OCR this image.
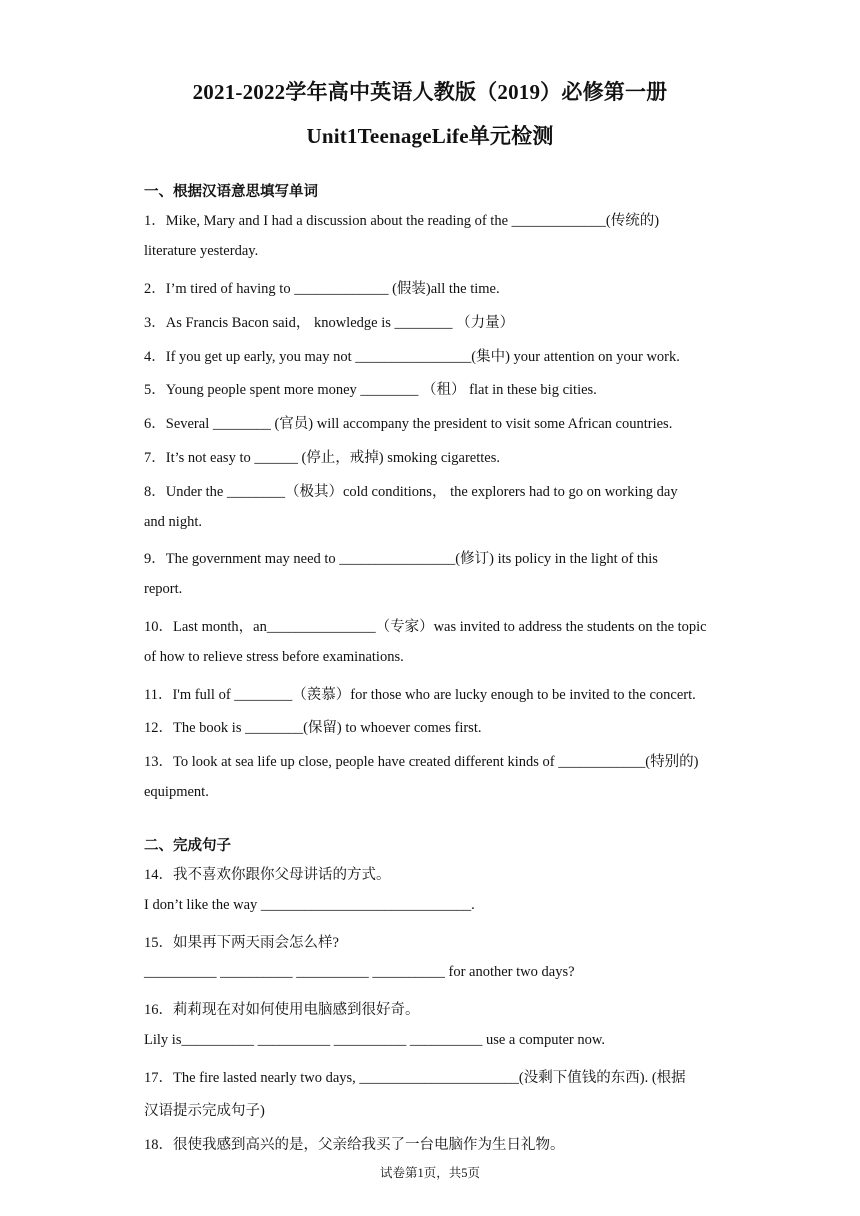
2021-2022学年高中英语人教版（2019）必修第一册
Unit1TeenageLife单元检测
一、根据汉语意思填写单词
1．Mike, Mary and I had a discussion about the reading of the _____________(传统的)
literature yesterday.
2．I’m tired of having to _____________ (假装)all the time.
3．As Francis Bacon said， knowledge is ________ （力量）
4．If you get up early, you may not ________________(集中) your attention on your work.
5．Young people spent more money ________ （租） flat in these big cities.
6．Several ________ (官员) will accompany the president to visit some African countries.
7．It’s not easy to ______ (停止，戒掉) smoking cigarettes.
8．Under the ________（极其）cold conditions， the explorers had to go on working day
and night.
9．The government may need to ________________(修订) its policy in the light of this
report.
10．Last month，an_______________（专家）was invited to address the students on the topic
of how to relieve stress before examinations.
11．I'm full of ________（羡慕）for those who are lucky enough to be invited to the concert.
12．The book is ________(保留) to whoever comes first.
13．To look at sea life up close, people have created different kinds of ____________(特别的)
equipment.
二、完成句子
14．我不喜欢你跟你父母讲话的方式。
I don’t like the way _____________________________.
15．如果再下两天雨会怎么样?
__________ __________ __________ __________ for another two days?
16．莉莉现在对如何使用电脑感到很好奇。
Lily is__________ __________ __________ __________ use a computer now.
17．The fire lasted nearly two days, ______________________(没剩下值钱的东西). (根据
汉语提示完成句子)
18．很使我感到高兴的是，父亲给我买了一台电脑作为生日礼物。
试卷第1页，共5页
